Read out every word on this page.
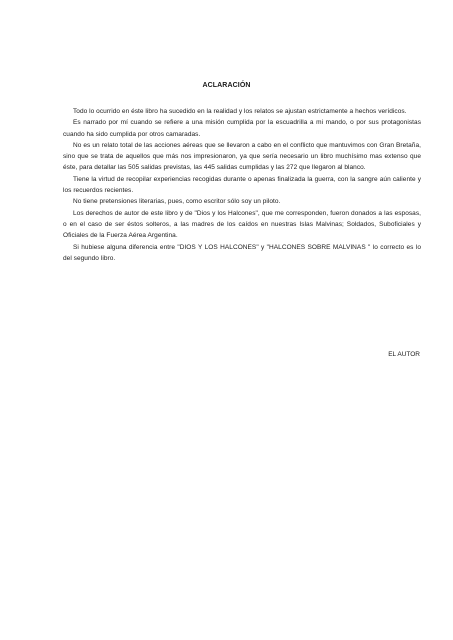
ACLARACIÓN

Todo lo ocurrido en éste libro ha sucedido en la realidad y los relatos se ajustan estrictamente a hechos verídicos.

Es narrado por mí cuando se refiere a una misión cumplida por la escuadrilla a mi mando, o por sus protagonistas cuando ha sido cumplida por otros camaradas.

No es un relato total de las acciones aéreas que se llevaron a cabo en el conflicto que mantuvimos con Gran Bretaña, sino que se trata de aquellos que más nos impresionaron, ya que sería necesario un libro muchísimo mas extenso que éste, para detallar las 505 salidas previstas, las 445 salidas cumplidas y las 272 que llegaron al blanco.

Tiene la virtud de recopilar experiencias recogidas durante o apenas finalizada la guerra, con la sangre aún caliente y los recuerdos recientes.

No tiene pretensiones literarias, pues, como escritor sólo soy un piloto.

Los derechos de autor de este libro y de "Dios y los Halcones", que me corresponden, fueron donados a las esposas, o en el caso de ser éstos solteros, a las madres de los caídos en nuestras Islas Malvinas; Soldados, Suboficiales y Oficiales de la Fuerza Aérea Argentina.

Si hubiese alguna diferencia entre "DIOS Y LOS HALCONES" y "HALCONES SOBRE MALVINAS " lo correcto es lo del segundo libro.

EL AUTOR
